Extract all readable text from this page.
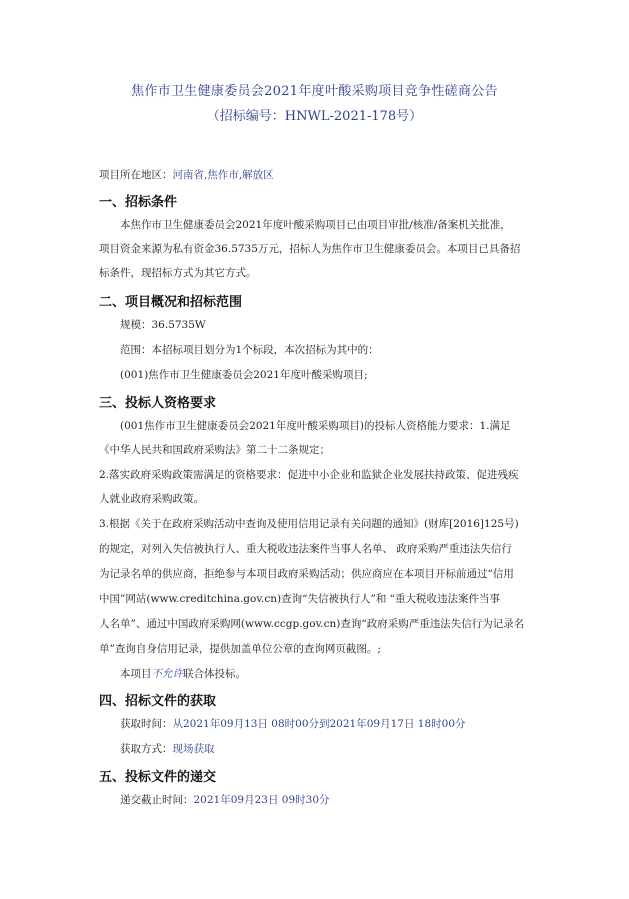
焦作市卫生健康委员会2021年度叶酸采购项目竞争性磋商公告
（招标编号：HNWL-2021-178号）
项目所在地区：河南省,焦作市,解放区
一、招标条件
本焦作市卫生健康委员会2021年度叶酸采购项目已由项目审批/核准/备案机关批准，
项目资金来源为私有资金36.5735万元，招标人为焦作市卫生健康委员会。本项目已具备招
标条件，现招标方式为其它方式。
二、项目概况和招标范围
规模：36.5735W
范围：本招标项目划分为1个标段，本次招标为其中的：
(001)焦作市卫生健康委员会2021年度叶酸采购项目;
三、投标人资格要求
(001焦作市卫生健康委员会2021年度叶酸采购项目)的投标人资格能力要求：1.满足
《中华人民共和国政府采购法》第二十二条规定；
2.落实政府采购政策需满足的资格要求：促进中小企业和监狱企业发展扶持政策、促进残疾
人就业政府采购政策。
3.根据《关于在政府采购活动中查询及使用信用记录有关问题的通知》(财库[2016]125号)
的规定，对列入失信被执行人、重大税收违法案件当事人名单、 政府采购严重违法失信行
为记录名单的供应商，拒绝参与本项目政府采购活动；供应商应在本项目开标前通过“信用
中国”网站(www.creditchina.gov.cn)查询“失信被执行人”和 “重大税收违法案件当事
人名单”、通过中国政府采购网(www.ccgp.gov.cn)查询“政府采购严重违法失信行为记录名
单”查询自身信用记录，提供加盖单位公章的查询网页截图。;
本项目不允许联合体投标。
四、招标文件的获取
获取时间：从2021年09月13日 08时00分到2021年09月17日 18时00分
获取方式：现场获取
五、投标文件的递交
递交截止时间：2021年09月23日 09时30分
